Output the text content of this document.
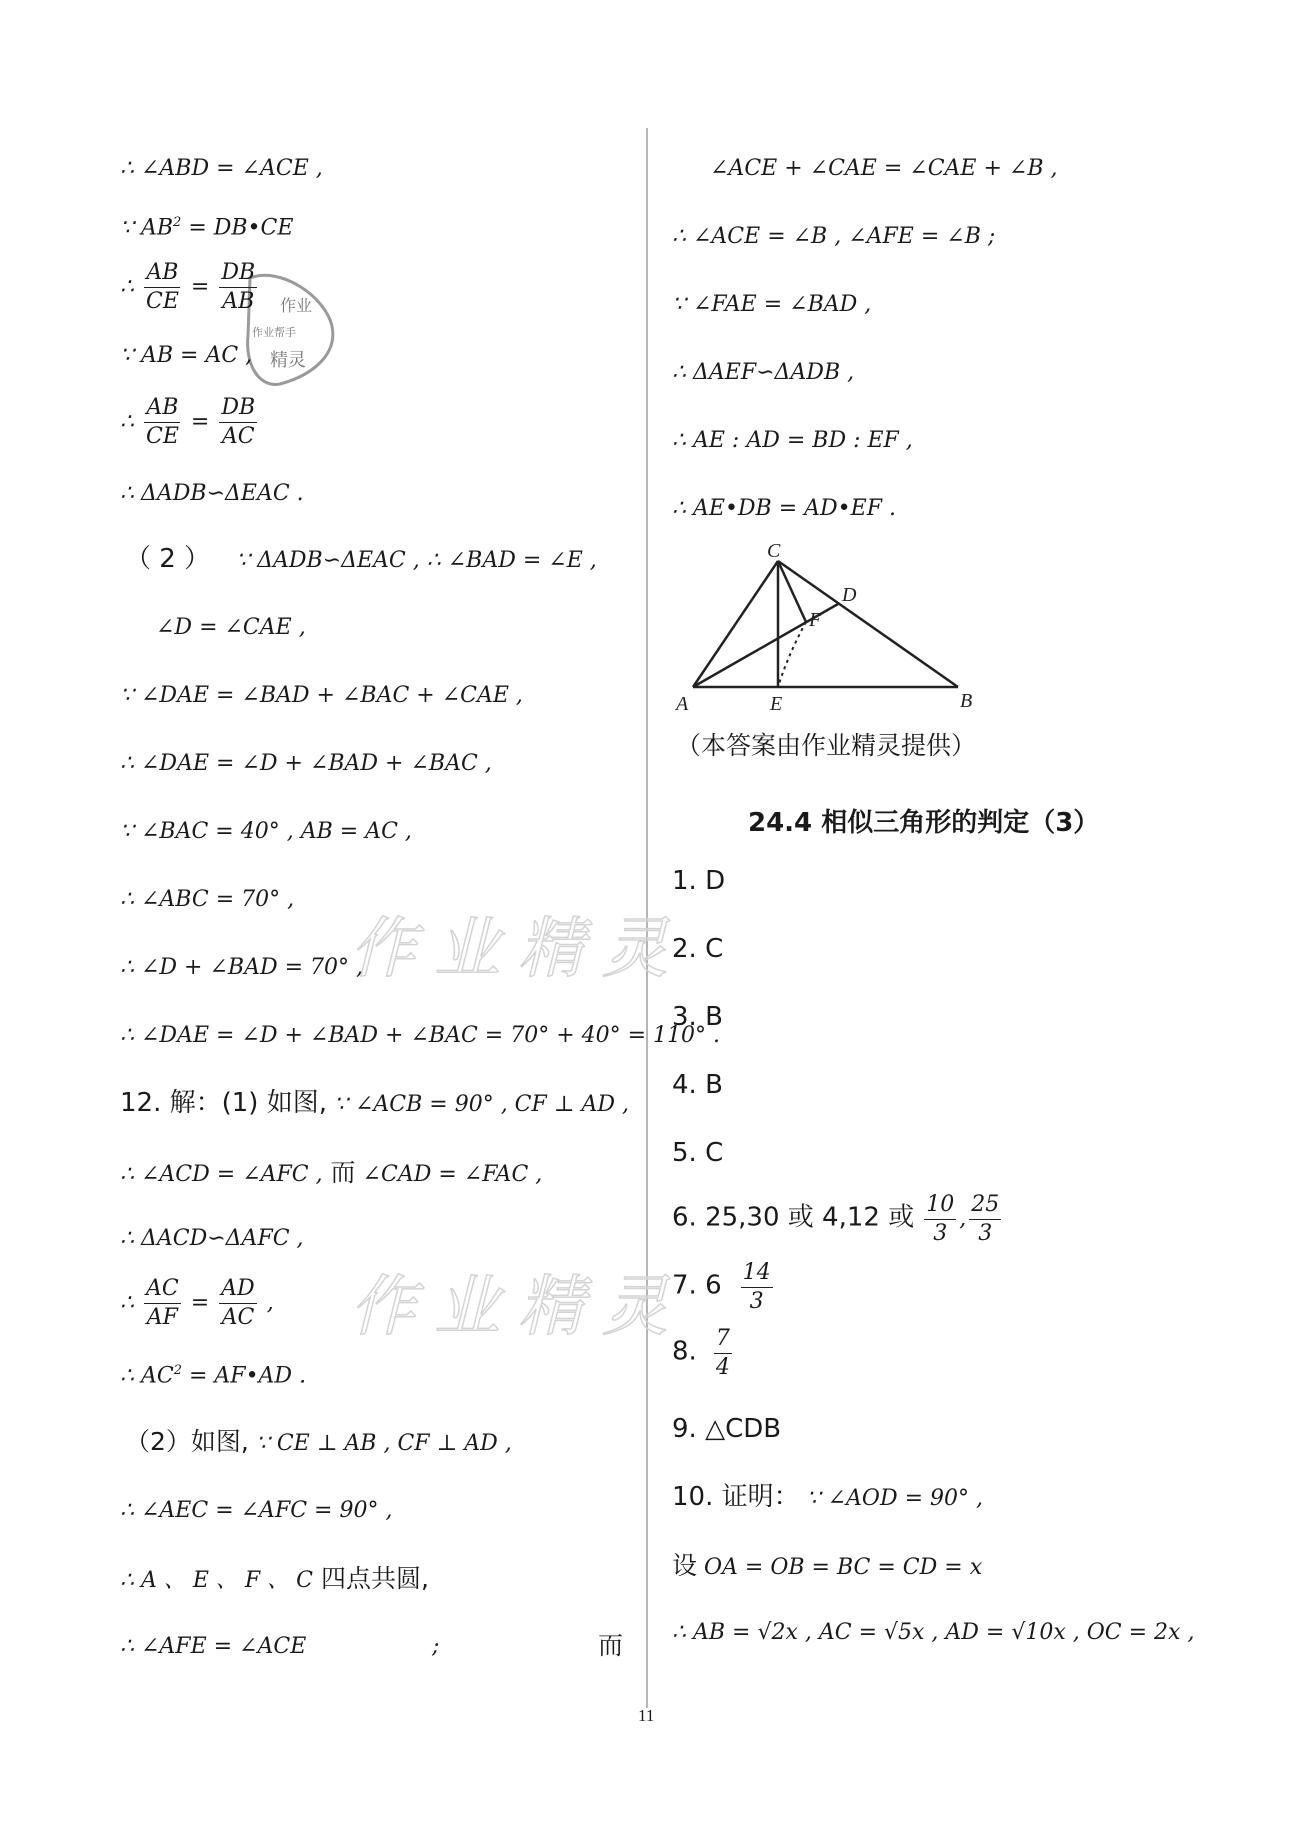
作业精灵
作业精灵
作业
作业帮手
精灵
∴ ∠ABD = ∠ACE ,
∵ $AB^2$ = DB•CE
∴ $\frac{AB}{CE} = \frac{DB}{AB}$
∵ AB = AC ,
∴ $\frac{AB}{CE} = \frac{DB}{AC}$
∴ ΔADB∽ΔEAC .
（ 2 ） ∵ ΔADB∽ΔEAC , ∴ ∠BAD = ∠E ,
∠D = ∠CAE ,
∵ ∠DAE = ∠BAD + ∠BAC + ∠CAE ,
∴ ∠DAE = ∠D + ∠BAD + ∠BAC ,
∵ ∠BAC = 40° , AB = AC ,
∴ ∠ABC = 70° ,
∴ ∠D + ∠BAD = 70° ,
∴ ∠DAE = ∠D + ∠BAD + ∠BAC = 70° + 40° = 110° .
12. 解：(1) 如图, ∵ ∠ACB = 90° , CF ⊥ AD ,
∴ ∠ACD = ∠AFC , 而 ∠CAD = ∠FAC ,
∴ ΔACD∽ΔAFC ,
∴ $\frac{AC}{AF} = \frac{AD}{AC}$ ,
∴ $AC^2$ = AF•AD .
（2）如图, ∵ CE ⊥ AB , CF ⊥ AD ,
∴ ∠AEC = ∠AFC = 90° ,
∴ A 、 E 、 F 、 C 四点共圆,
∴ ∠AFE = ∠ACE	;	而
∠ACE + ∠CAE = ∠CAE + ∠B ,
∴ ∠ACE = ∠B , ∠AFE = ∠B ;
∵ ∠FAE = ∠BAD ,
∴ ΔAEF∽ΔADB ,
∴ AE : AD = BD : EF ,
∴ AE•DB = AD•EF .
C
D
F
A	E	B
（本答案由作业精灵提供）
24.4 相似三角形的判定（3）
1. D
2. C
3. B
4. B
5. C
6. 25,30 或 4,12 或 $\frac{10}{3}$ , $\frac{25}{3}$
7. $6 \frac{14}{3}$
8. $\frac{7}{4}$
9. △CDB
10. 证明： ∵ ∠AOD = 90° ,
设 OA = OB = BC = CD = x
∴ AB = √2x , AC = √5x , AD = √10x , OC = 2x ,
11
